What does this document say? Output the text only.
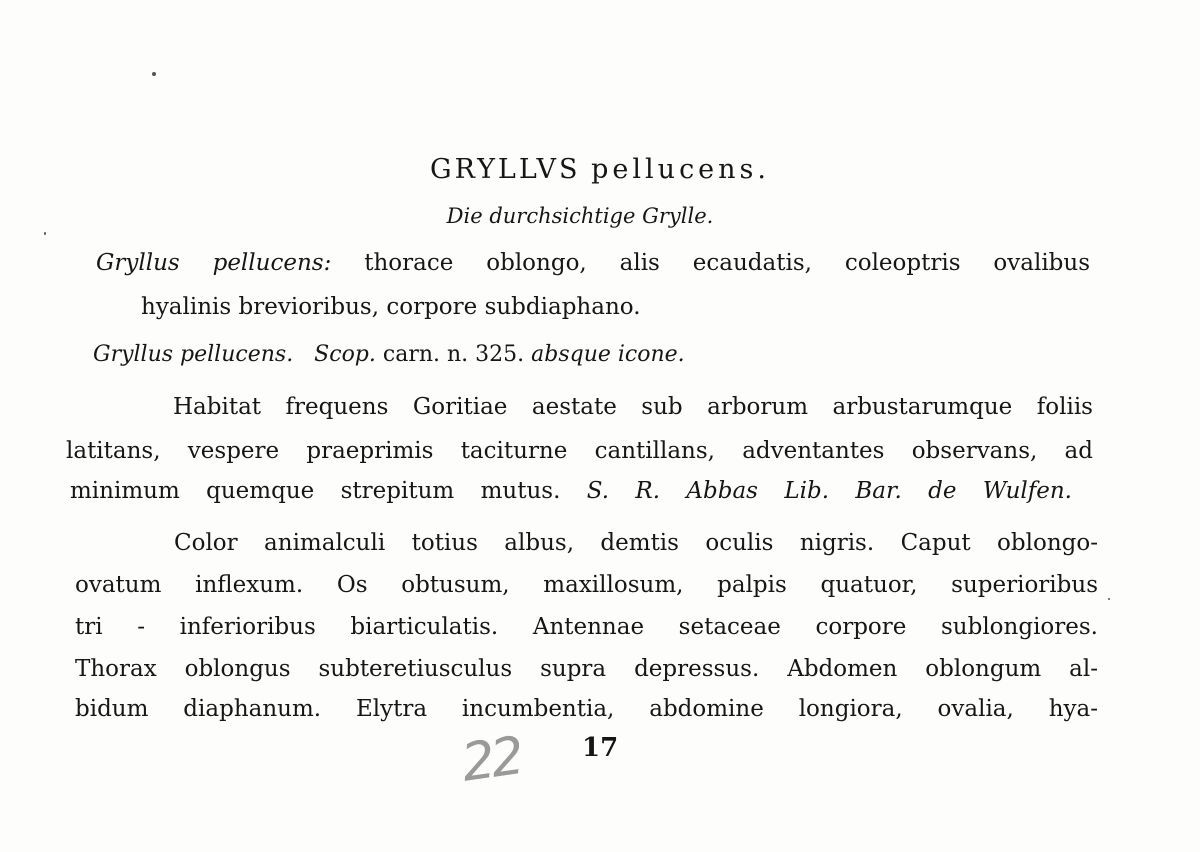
GRYLLVS pellucens.
Die durchsichtige Grylle.
Gryllus pellucens: thorace oblongo, alis ecaudatis, coleoptris ovalibus
hyalinis brevioribus, corpore subdiaphano.
Gryllus pellucens. Scop. carn. n. 325. absque icone.
Habitat frequens Goritiae aestate sub arborum arbustarumque foliis
latitans, vespere praeprimis taciturne cantillans, adventantes observans, ad
minimum quemque strepitum mutus. S. R. Abbas Lib. Bar. de Wulfen.
Color animalculi totius albus, demtis oculis nigris. Caput oblongo-
ovatum inflexum. Os obtusum, maxillosum, palpis quatuor, superioribus
tri - inferioribus biarticulatis. Antennae setaceae corpore sublongiores.
Thorax oblongus subteretiusculus supra depressus. Abdomen oblongum al-
bidum diaphanum. Elytra incumbentia, abdomine longiora, ovalia, hya-
22 17
